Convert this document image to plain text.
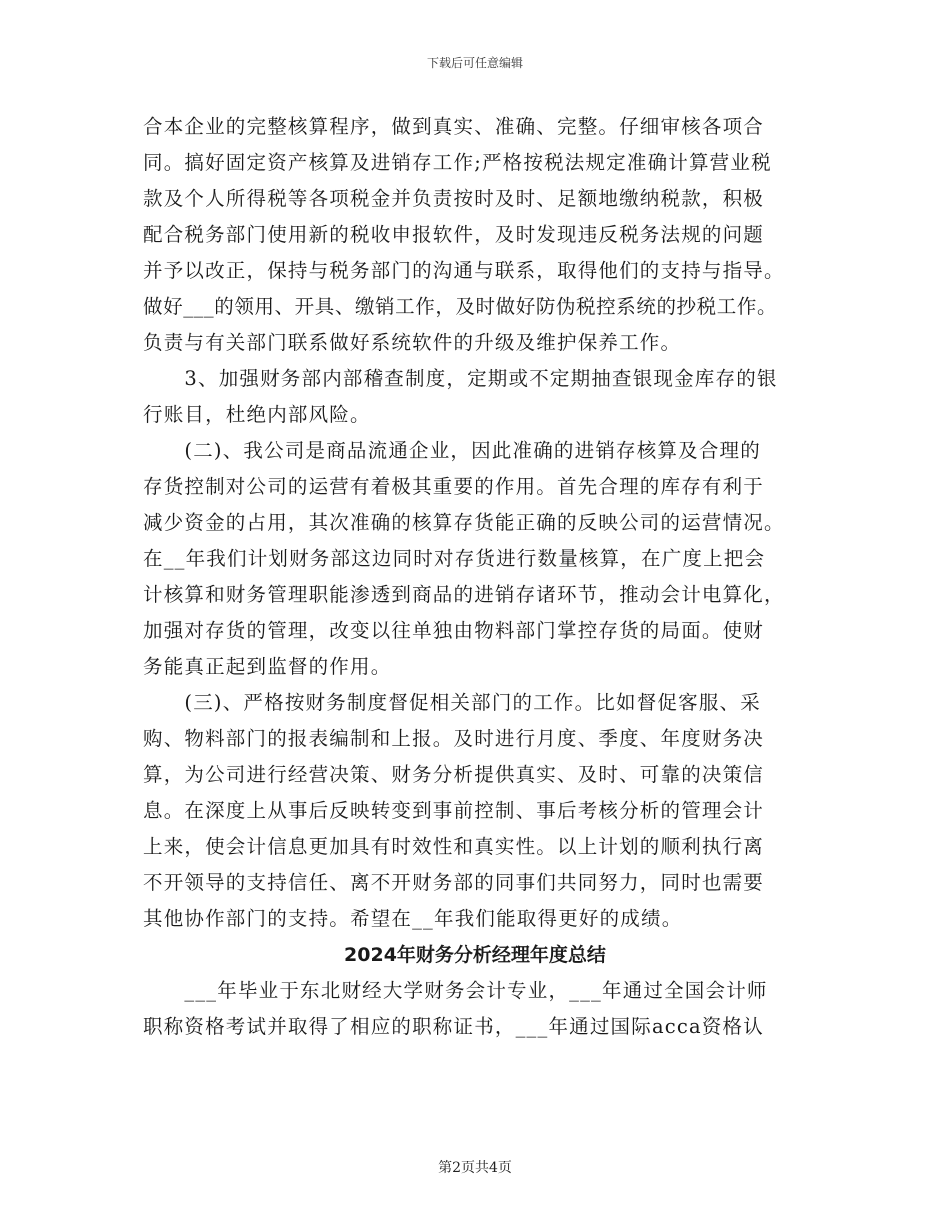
下载后可任意编辑
合本企业的完整核算程序，做到真实、准确、完整。仔细审核各项合
同。搞好固定资产核算及进销存工作;严格按税法规定准确计算营业税
款及个人所得税等各项税金并负责按时及时、足额地缴纳税款，积极
配合税务部门使用新的税收申报软件，及时发现违反税务法规的问题
并予以改正，保持与税务部门的沟通与联系，取得他们的支持与指导。
做好___的领用、开具、缴销工作，及时做好防伪税控系统的抄税工作。
负责与有关部门联系做好系统软件的升级及维护保养工作。
　　3、加强财务部内部稽查制度，定期或不定期抽查银现金库存的银
行账目，杜绝内部风险。
　　(二)、我公司是商品流通企业，因此准确的进销存核算及合理的
存货控制对公司的运营有着极其重要的作用。首先合理的库存有利于
减少资金的占用，其次准确的核算存货能正确的反映公司的运营情况。
在__年我们计划财务部这边同时对存货进行数量核算，在广度上把会
计核算和财务管理职能渗透到商品的进销存诸环节，推动会计电算化，
加强对存货的管理，改变以往单独由物料部门掌控存货的局面。使财
务能真正起到监督的作用。
　　(三)、严格按财务制度督促相关部门的工作。比如督促客服、采
购、物料部门的报表编制和上报。及时进行月度、季度、年度财务决
算，为公司进行经营决策、财务分析提供真实、及时、可靠的决策信
息。在深度上从事后反映转变到事前控制、事后考核分析的管理会计
上来，使会计信息更加具有时效性和真实性。以上计划的顺利执行离
不开领导的支持信任、离不开财务部的同事们共同努力，同时也需要
其他协作部门的支持。希望在__年我们能取得更好的成绩。
2024年财务分析经理年度总结
　　___年毕业于东北财经大学财务会计专业，___年通过全国会计师
职称资格考试并取得了相应的职称证书，___年通过国际acca资格认
第2页共4页
